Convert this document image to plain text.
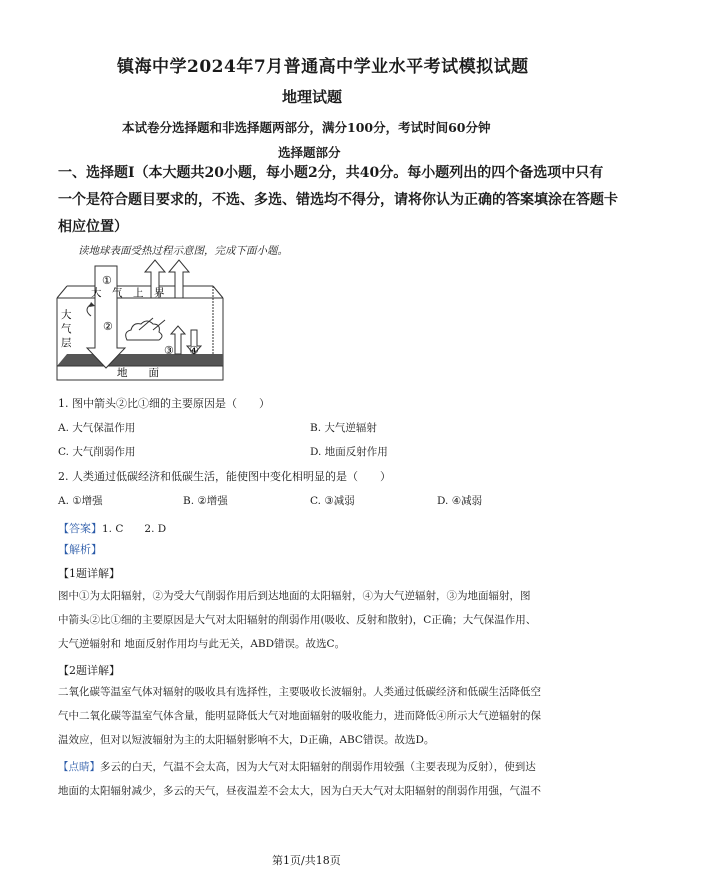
镇海中学2024年7月普通高中学业水平考试模拟试题
地理试题
本试卷分选择题和非选择题两部分，满分100分，考试时间60分钟
选择题部分
一、选择题Ⅰ（本大题共20小题，每小题2分，共40分。每小题列出的四个备选项中只有
一个是符合题目要求的，不选、多选、错选均不得分，请将你认为正确的答案填涂在答题卡
相应位置）
读地球表面受热过程示意图，完成下面小题。
①
②
③ ④
大　气　上　界
大
气
层
地　　面
1. 图中箭头②比①细的主要原因是（　　）
A. 大气保温作用	B. 大气逆辐射
C. 大气削弱作用	D. 地面反射作用
2. 人类通过低碳经济和低碳生活，能使图中变化相明显的是（　　）
A. ①增强	B. ②增强	C. ③减弱	D. ④减弱
【答案】1. C　　2. D
【解析】
【1题详解】
图中①为太阳辐射，②为受大气削弱作用后到达地面的太阳辐射，④为大气逆辐射，③为地面辐射，图
中箭头②比①细的主要原因是大气对太阳辐射的削弱作用(吸收、反射和散射)，C正确；大气保温作用、
大气逆辐射和 地面反射作用均与此无关，ABD错误。故选C。
【2题详解】
二氧化碳等温室气体对辐射的吸收具有选择性，主要吸收长波辐射。人类通过低碳经济和低碳生活降低空
气中二氧化碳等温室气体含量，能明显降低大气对地面辐射的吸收能力，进而降低④所示大气逆辐射的保
温效应，但对以短波辐射为主的太阳辐射影响不大，D正确，ABC错误。故选D。
【点睛】多云的白天，气温不会太高，因为大气对太阳辐射的削弱作用较强（主要表现为反射），使到达
地面的太阳辐射减少，多云的天气，昼夜温差不会太大，因为白天大气对太阳辐射的削弱作用强，气温不
第1页/共18页
